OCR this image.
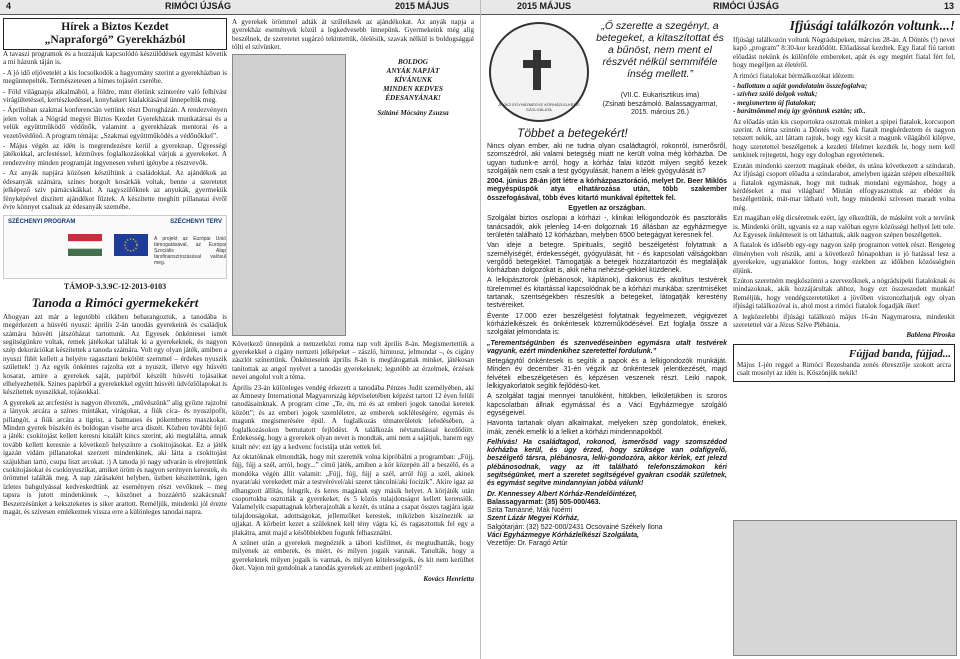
4	RIMÓCI ÚJSÁG	2015 MÁJUS
Hírek a Biztos Kezdet
„Napraforgó” Gyerekházból

A tavaszi programok és a hozzájuk kapcsolódó készülődések egymást követik a mi házunk táján is.

- A jó idő eljövetelét a kis locsolkodók a hagyomány szerint a gyerekházban is megünnepelték. Természetesen a himes tojásért cserébe.

- Föld világnapja alkalmából, a földre, mint életünk színterére való felhívást virágültetéssel, kertészkedéssel, konyhakert kialakításával ünnepeltük meg.

- Áprilisban szakmai konferencián vettünk részt Dorogházán. A rendezvényen jelen voltak a Nógrád megyei Biztos Kezdet Gyerekházak munkatársai és a velük együttműködő védőnők, valamint a gyerekházak mentorai és a vezetővédőnő. A program témája: „Szakmai együttműködés a védőnőkkel”.

- Május végén az idén is megrendezésre kerül a gyereknap. Ügyességi játékokkal, arcfestéssel, kézműves foglalkozásokkal várjuk a gyerekeket. A rendezvény minden programját ingyenesen veheti igénybe a résztvevők.

- Az anyák napjára közösen készültünk a családokkal. Az ajándékok az édesanyák számára, színes horgolt kosárkák voltak, benne a szeretetet jelképező szív párnácskákkal. A nagyszülőknek az anyukák, gyermekük fényképével díszített ajándékot fűztek. A készítette meghitt pillanatai évről évre könnyet csalnak az édesanyák szemébe.

SZÉCHENYI PROGRAM	SZÉCHENYI TERV
A projekt az Európai Unió támogatásával, az Európai Szociális Alap társfinanszírozásával valósul meg.
TÁMOP-3.3.9C-12-2013-0103
Tanoda a Rimóci gyermekekért

Ahogyan azt már a legutóbbi cikkben beharangoztuk, a tanodába is megérkezett a húsvéti nyuszi: április 2-án tanodás gyerekeink és családjuk számára húsvéti játszóházat tartottunk. Az Egyesek önkéntesei ismét segítségünkre voltak, remek játékokat találtak ki a gyerekeknek, és nagyon szép dekorációkat készítettek a tanoda számára. Volt egy olyan játék, amiben a nyuszi fülét kellett a helyére ragasztani bekötött szemmel – érdekes nyuszik születtek! :) Az egyik önkéntes rajzolta ezt a nyuszit, illetve egy húsvéti kosarat, amire a gyerekek saját, papírból készült húsvéti tojásaikat elhelyezhették. Szines papírból a gyerekekkel együtt húsvéti üdvözlőlapokat is készítettek nyuszikkal, tojásokkal.

A gyerekek az arcfestést is nagyon élvezték, „művészünk” alig győzte rajzolni a lányok arcára a színes mintákat, virágokat, a fiúk cica- és nyuszipofit, pillangót, a fiúk arcára a tigrist, a batmanes és pókemberes maszkokat. Minden gyerek büszkén és boldogan viselte arca díszét. Közben további fejtő a játék: csokitojást kellett keresni kitalált kincs szerint, aki megtalálta, annak tovább kellett keresnie a következő helyszínre a csokitojásokat. Ez a játék igazán vidám pillanatokat szerzett mindenkinek, aki látta a csokitojást szájukban tartó, csupa liszt arcokat. :) A tanoda jó nagy udvarán is elrejtettünk csokitojásokat és csokinyuszikat, amiket öröm és nagyon serényen kerestek, és örömmel találták meg. A nap zárásaként helyben, üstben készítettünk, igen ízletes babgulyással kedveskedtünk az eseményen részt vevőknek – meg tapsra is jutott mindenkinek –, köszönet a hozzáértő szakácsnak! Beszerzésünket a kekszteketes is siker arattott. Reméljük, mindenki jól érezte magát, és szívesen emlékeznek vissza erre a különleges tanodai napra.

A gyerekek örömmel adták át szüleiknek az ajándékokat. Az anyák napja a gyerekház események közül a legkedvesebb ünnepünk. Gyermekeink még alig beszélnek, de szeretetet sugárzó tekintettük, ölelésük, szavak nélkül is boldogsággal tölti el szívünket.

BOLDOG
ANYÁK NAPJÁT
KÍVÁNUNK
MINDEN KEDVES
ÉDESANYÁNAK!
Szitáné Mócsány Zsuzsa

Következő ünnepünk a nemzetközi roma nap volt április 8-án. Megismertettük a gyerekekkel a cigány nemzeti jelképeket – zászló, himnusz, jelmondat –, és cigány zászlót színeztünk. Önkénteseink április 8-án is meglátogattak minket, játékosan tanítottak az angol nyelvet a tanodás gyerekeknek; legutóbb az érzelmek, érzések nevei angolul volt a téma.

Április 23-án különleges vendég érkezett a tanodába Pénzes Judit személyében, aki az Amnesty International Magyarország képviseletében képzést tartott 12 éven felüli tanodásainknak. A program címe „Te, én, mi és az emberi jogok tanodai keretek között”; és az emberi jogok szemléletre, az emberek sokféleségére, egymás és magunk megismerésére épül. A foglalkozás tématerületek lefedésében, a foglalkozásokon bemutatott fejlődést. A találkozás névtanulással kezdődött. Érdekesség, hogy a gyerekek olyan nevet is mondtak, ami nem a sajátjuk, hanem egy kitalt név: ezt így a kedvenc focistája után vettek fel.

Az oktatóknak elmondták, hogy mit szerették volna kipróbálni a programban: „Fújj, fújj, fújj a szél, arról, hogy...” című játék, amiben a kör közepén áll a beszélő, és a mondóka végén állít valamit: „Fújj, fújj, fújj a szél, arról fújj a szél, akinek nyarat/aki verekedett már a testvérével/aki szeret táncolni/aki focizik”. Akire igaz az elhangzott állítás, felugrik, és keres magának egy másik helyet. A körjáték után csoportokba osztották a gyerekeket, és 5 közös tulajdonságot kellett kerensiük. Valamelyik csapattagnak körberajzolták a kezét, és utána a csapat összes tagjára igaz tulajdonságokat, adottságokat, jellemzőket kerestek, miközben kiszínezték az ujjakat. A körbeírt kezet a szüleknek kell tény vágta ki, és ragasztottuk fel egy a plakátra, amit majd a későbbiekben fogunk felhasználni.

A szünet után a gyerekek megnézték a tábori kisfilmet, és megtudhatták, hogy milyenek az emberek, és miért, és milyen jogaik vannak. Tanulták, hogy a gyerekeknek milyen jogaik is vannak, és milyen kötelességeik, és kit nem kerülhet őket. Vajon mit gondolnak a tanodás gyerekek az emberi jogokról?

Kovács Henrietta
2015 MÁJUS	RIMÓCI ÚJSÁG	13
A VÁCI EGYHÁZMEGYE KÓRHÁZLELKÉSZI SZOLGÁLATA
„Ő szerette a szegényt, a betegeket, a kitaszítottat és a bűnöst, nem ment el részvét nélkül semmiféle ínség mellett.”
(VII.C. Eukarisztikus ima)
(Zsinati beszámoló. Balassagyarmat, 2015. március 26.)
Többet a betegekért!

Nincs olyan ember, aki ne tudna olyan családtagról, rokonról, ismerősről, szomszédról, aki valami betegség miatt ne került volna még kórházba. De ugyan tudunk-e arról, hogy a kórház falai között milyen segítő kezek szolgálják nem csak a test gyógyulását, hanem a lélek gyógyulását is?

2004. június 28-án jött létre a kórházpasztoráció, melyet Dr. Beer Miklós megyéspüspök atya elhatározása után, több szakember összefogásával, több éves kitartó munkával építettek fel.

Egyetlen az országban.

Szolgálat biztos oszlopai a kórházi -, klinikai lelkigondozók és pasztorális tanácsadók, akik jelenleg 14-en dolgoznak 16 állásban az egyházmegye területén található 12 kórházban, melyben 6500 betegágyat keresnek fel.

Van ideje a betegre. Spiritualis, segítő beszélgetést folytatnak a személyiségét, érdekességét, gyógyulását, hit - és kapcsolati válságokban vergődő betegekkel. Támogatják a betegek hozzátartozóit és megtalálják kórházban dolgozókat is, akik néha nehézsé-gekkel küzdenek.

A lelkipásztorok (plébánosok, káplánok), diakonus és akolitus testvérek türelemmel és kitartással kapcsolódnak be a kórházi munkába: szentmiséket tartanak, szentségekben részesítik a betegeket, látogatják kerestény testvéreiket.

Évente 17.000 ezer beszélgetést folytatnak fegyelmezett, végigvezet kórházlelkészek és önkéntesek közreműködésével. Ezt foglalja össze a szolgálat jelmondata is:

„Terementségünben és szenvedéseinben egymásra utalt testvérek vagyunk, ezért mindenkihez szeretettel fordulunk.”

Betegágytól önkéntesek is segítik a papok és a lelkigondozók munkáját. Minden év december 31-én végzik az önkéntesek jelentkezését, majd felvételi elbeszélgetésen és képzésen veszenek részt. Leiki napok, lelkigyakorlatok segítik fejlődésü-ket.

A szolgálat tagjai mennyei tanulóként, hitükben, lelkületükben is szoros kapcsolatban állnak egymással és a Váci Egyházmegye szolgáló egységeivel.

Havonta tartanak olyan alkalmakat, melyeken szép gondolatok, énekek, imák, zenék emelik ki a lelket a kórházi mindennapokból.

Felhívás! Ha családtagod, rokonod, ismerősöd vagy szomszédod kórházba kerül, és úgy érzed, hogy szüksége van odafigyelő, beszélgető társra, plébánosra, lelki-gondozóra, akkor kérlek, ezt jelezd plébánosodnak, vagy az itt található telefonszámokon kéri segítségünket, mert a szeretet segítségével gyakran csodák születnek, és egymást segítve mindannyian jobbá válunk!

Dr. Kennessey Albert Kórház-Rendelőintézet,
Balassagyarmat: (35) 505-000/463.
Szita Tamásné, Mák Noémi
Szent Lázár Megyei Kórház,
Salgótarján: (32) 522-000/2431 Ocsovainé Székely Ilona
Váci Egyházmegye Kórházlelkészi Szolgálata,
Vezetője: Dr. Faragó Artúr
Ifjúsági találkozón voltunk...!

Ifjúsági találkozón voltunk Nógrádsipeken, március 28-án. A Döntés (!) nevet kapó „program” 8:30-kor kezdődött. Előadással kezdtek. Egy fiatal fiú tartott előadást nekünk és különféle embereket, apát és egy megtért fiatal fért fel, hogy megéljen az életéről.

A rimóci fiatalokat bérmálkozókat idézem:

- hallottam a saját gondolataim összefoglalva;
- szívhez szóló dolgok voltak;
- megismertem új fiatalokat;
- barátnőmmel még így gyöntunk esztán; stb..

Az előadás után kis csoportokra osztottak minket a spipei fiatalok, korcsoport szerint. A téma szintén a Döntés volt. Sok fiatalt megkérdeztem és nagyon tetszett nekik, azt láttam rajtuk, hogy egy kicsit a magunk világából kilépve, hogy szeretettel beszélgettek a kezdeti félelmet kezdték le, hogy nem kell senkinek rejtegetni, hogy egy dologban egyetértenek.

Ezután mindenki szerzett magának ebédet, és utána következett a színdarab. Az ifjúsági csoport előadta a színdarabot, amelyben igazán szépen elbeszélték a fiatalok egymásnak, hogy mit tudnak mondani egymáshoz, hogy a kérdéseket a mai világban! Miután elfogyasztottuk az ebédet és beszélgettünk, mát-mar látható volt, hogy mindenki szívesen maradt volna még.

Ezt magában elég dicséretnek ezért, így elkezdtük, de másként volt a tervünk is. Mindenki örült, ugyanis ez a nap valóban egyre közösségi hellyel lett tele. Az Egyesek önkénteseit is ott láthattuk, akik nagyon szépen beszélgettek.

A fiatalok és idősebb egy-egy nagyon szép programon vettek részt. Rengeteg élményben volt részük, ami a következő hónapokban is jó hatással lesz a gyerekekre, ugyanakkor fontos, hogy ezekben az időkben közösségben éljünk.

Ezúton szeretném megköszönni a szervezőknek, a nógrádsipeki fiataloknak és mindazoknak, akik hozzájárultak ahhoz, hogy ezt összeszedett munkát! Reméljük, hogy vendégszeretetüket a jövőben viszonozhatjuk egy olyan ifjúsági találkozóval is, ahol most a rimóci fiatalok fogadják őket!

A legközelebbi ifjúsági találkozó május 16-án Nagymarosra, mindenkit szeretettel vár a Jézus Szíve Plébánia.

Bablena Piroska
Fújjad banda, fújjad...
Május 1-jén reggel a Rimóci Rezesbanda zenés ébresztője szokott arcra csalt mosolyt az idén is. Köszönjük nekik!
